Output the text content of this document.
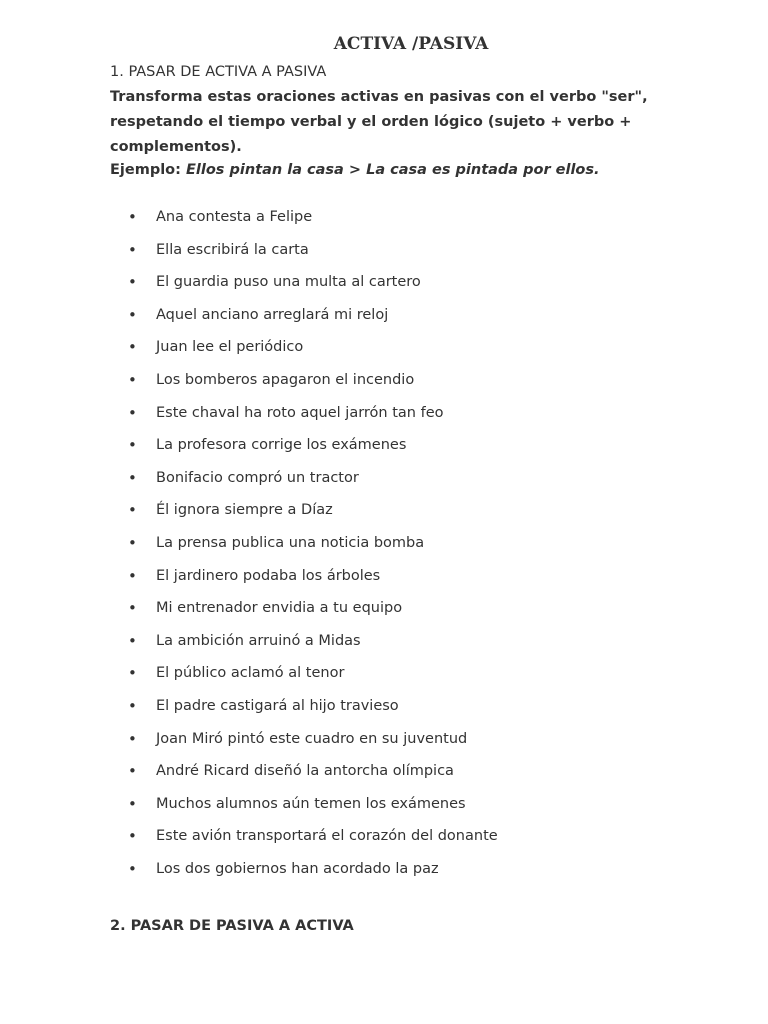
ACTIVA /PASIVA

1. PASAR DE ACTIVA A PASIVA

Transforma estas oraciones activas en pasivas con el verbo "ser", respetando el tiempo verbal y el orden lógico (sujeto + verbo + complementos).

Ejemplo: Ellos pintan la casa > La casa es pintada por ellos.

• Ana contesta a Felipe
• Ella escribirá la carta
• El guardia puso una multa al cartero
• Aquel anciano arreglará mi reloj
• Juan lee el periódico
• Los bomberos apagaron el incendio
• Este chaval ha roto aquel jarrón tan feo
• La profesora corrige los exámenes
• Bonifacio compró un tractor
• Él ignora siempre a Díaz
• La prensa publica una noticia bomba
• El jardinero podaba los árboles
• Mi entrenador envidia a tu equipo
• La ambición arruinó a Midas
• El público aclamó al tenor
• El padre castigará al hijo travieso
• Joan Miró pintó este cuadro en su juventud
• André Ricard diseñó la antorcha olímpica
• Muchos alumnos aún temen los exámenes
• Este avión transportará el corazón del donante
• Los dos gobiernos han acordado la paz

2. PASAR DE PASIVA A ACTIVA
